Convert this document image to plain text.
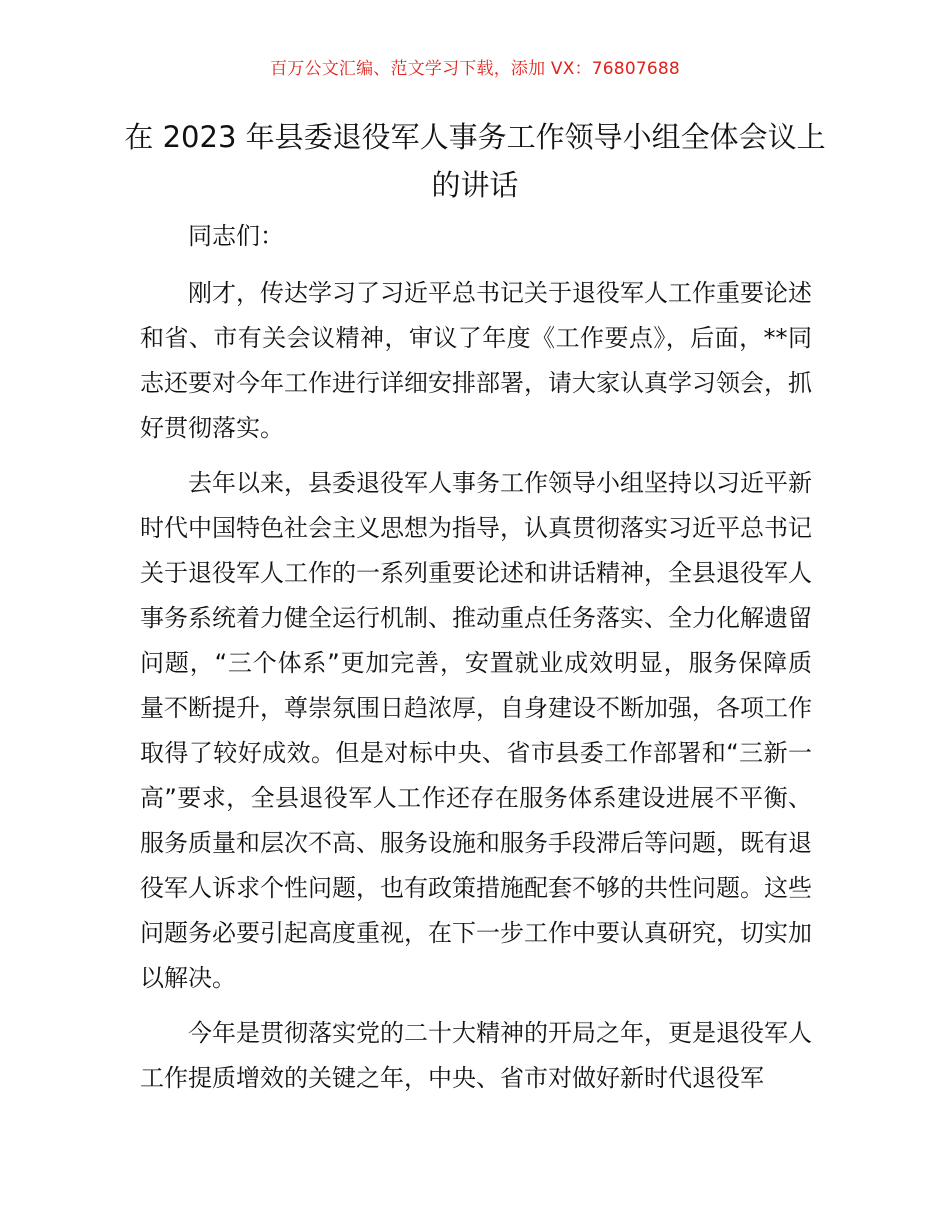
百万公文汇编、范文学习下载，添加 VX：76807688
在 2023 年县委退役军人事务工作领导小组全体会议上的讲话

同志们：

刚才，传达学习了习近平总书记关于退役军人工作重要论述和省、市有关会议精神，审议了年度《工作要点》，后面，**同志还要对今年工作进行详细安排部署，请大家认真学习领会，抓好贯彻落实。

去年以来，县委退役军人事务工作领导小组坚持以习近平新时代中国特色社会主义思想为指导，认真贯彻落实习近平总书记关于退役军人工作的一系列重要论述和讲话精神，全县退役军人事务系统着力健全运行机制、推动重点任务落实、全力化解遗留问题，“三个体系”更加完善，安置就业成效明显，服务保障质量不断提升，尊崇氛围日趋浓厚，自身建设不断加强，各项工作取得了较好成效。但是对标中央、省市县委工作部署和“三新一高”要求，全县退役军人工作还存在服务体系建设进展不平衡、服务质量和层次不高、服务设施和服务手段滞后等问题，既有退役军人诉求个性问题，也有政策措施配套不够的共性问题。这些问题务必要引起高度重视，在下一步工作中要认真研究，切实加以解决。

今年是贯彻落实党的二十大精神的开局之年，更是退役军人工作提质增效的关键之年，中央、省市对做好新时代退役军
